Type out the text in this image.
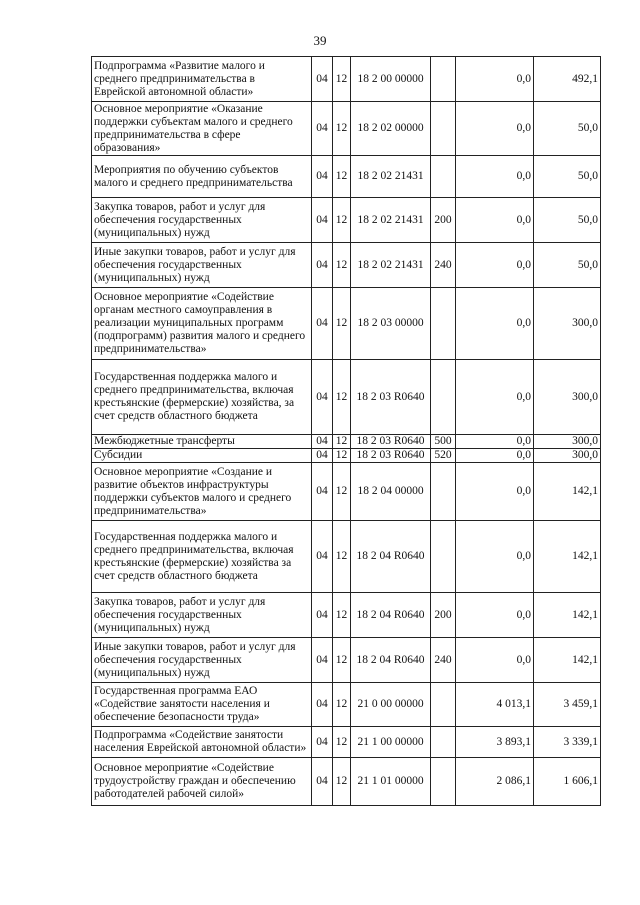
39
Подпрограмма «Развитие малого и среднего предпринимательства в Еврейской автономной области»	04	12	18 2 00 00000		0,0	492,1
Основное мероприятие «Оказание поддержки субъектам малого и среднего предпринимательства в сфере образования»	04	12	18 2 02 00000		0,0	50,0
Мероприятия по обучению субъектов малого и среднего предпринимательства	04	12	18 2 02 21431		0,0	50,0
Закупка товаров, работ и услуг для обеспечения государственных (муниципальных) нужд	04	12	18 2 02 21431	200	0,0	50,0
Иные закупки товаров, работ и услуг для обеспечения государственных (муниципальных) нужд	04	12	18 2 02 21431	240	0,0	50,0
Основное мероприятие «Содействие органам местного самоуправления в реализации муниципальных программ (подпрограмм) развития малого и среднего предпринимательства»	04	12	18 2 03 00000		0,0	300,0
Государственная поддержка малого и среднего предпринимательства, включая крестьянские (фермерские) хозяйства, за счет средств областного бюджета	04	12	18 2 03 R0640		0,0	300,0
Межбюджетные трансферты	04	12	18 2 03 R0640	500	0,0	300,0
Субсидии	04	12	18 2 03 R0640	520	0,0	300,0
Основное мероприятие «Создание и развитие объектов инфраструктуры поддержки субъектов малого и среднего предпринимательства»	04	12	18 2 04 00000		0,0	142,1
Государственная поддержка малого и среднего предпринимательства, включая крестьянские (фермерские) хозяйства за счет средств областного бюджета	04	12	18 2 04 R0640		0,0	142,1
Закупка товаров, работ и услуг для обеспечения государственных (муниципальных) нужд	04	12	18 2 04 R0640	200	0,0	142,1
Иные закупки товаров, работ и услуг для обеспечения государственных (муниципальных) нужд	04	12	18 2 04 R0640	240	0,0	142,1
Государственная программа ЕАО «Содействие занятости населения и обеспечение безопасности труда»	04	12	21 0 00 00000		4 013,1	3 459,1
Подпрограмма «Содействие занятости населения Еврейской автономной области»	04	12	21 1 00 00000		3 893,1	3 339,1
Основное мероприятие «Содействие трудоустройству граждан и обеспечению работодателей рабочей силой»	04	12	21 1 01 00000		2 086,1	1 606,1
